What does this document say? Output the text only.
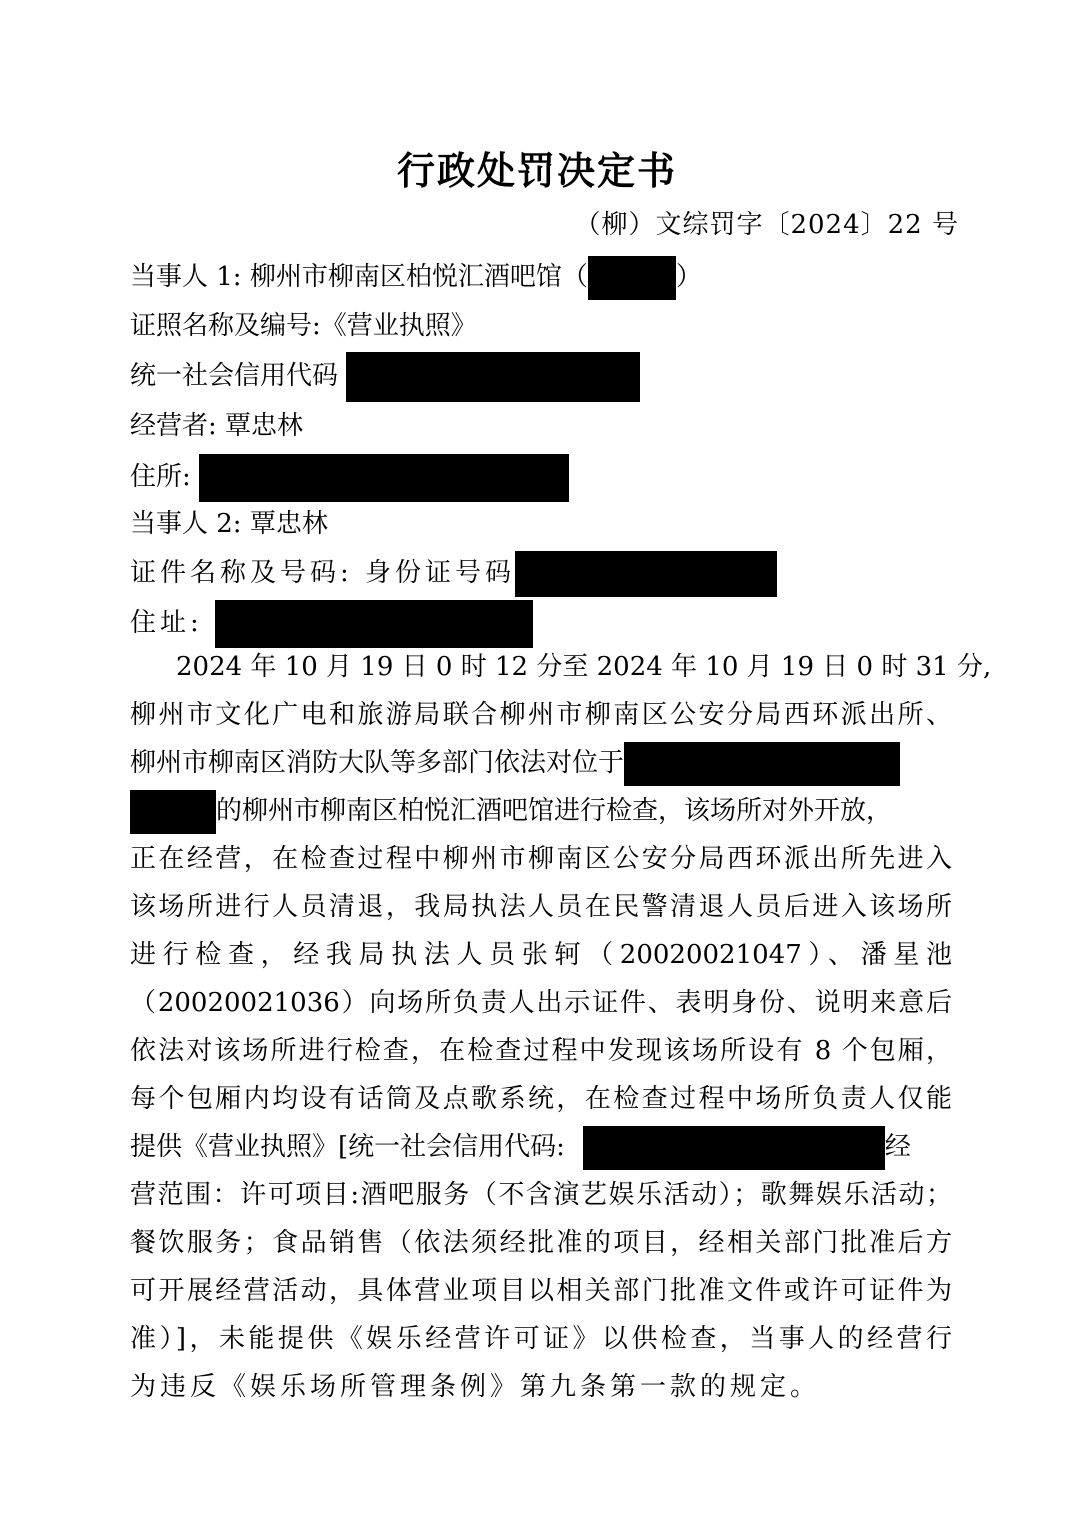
行政处罚决定书
（柳）文综罚字〔2024〕22 号
当事人 1: 柳州市柳南区柏悦汇酒吧馆（	）
证照名称及编号:《营业执照》
统一社会信用代码
经营者: 覃忠林
住所:
当事人 2: 覃忠林
证件名称及号码: 身份证号码
住址:
2024 年 10 月 19 日 0 时 12 分至 2024 年 10 月 19 日 0 时 31 分,
柳州市文化广电和旅游局联合柳州市柳南区公安分局西环派出所、
柳州市柳南区消防大队等多部门依法对位于
的柳州市柳南区柏悦汇酒吧馆进行检查，该场所对外开放，
正在经营，在检查过程中柳州市柳南区公安分局西环派出所先进入
该场所进行人员清退，我局执法人员在民警清退人员后进入该场所
进行检查，经我局执法人员张轲（20020021047）、潘星池
（20020021036）向场所负责人出示证件、表明身份、说明来意后
依法对该场所进行检查，在检查过程中发现该场所设有 8 个包厢，
每个包厢内均设有话筒及点歌系统，在检查过程中场所负责人仅能
提供《营业执照》[统一社会信用代码:	经
营范围：许可项目:酒吧服务（不含演艺娱乐活动）；歌舞娱乐活动；
餐饮服务；食品销售（依法须经批准的项目，经相关部门批准后方
可开展经营活动，具体营业项目以相关部门批准文件或许可证件为
准）]，未能提供《娱乐经营许可证》以供检查，当事人的经营行
为违反《娱乐场所管理条例》第九条第一款的规定。
